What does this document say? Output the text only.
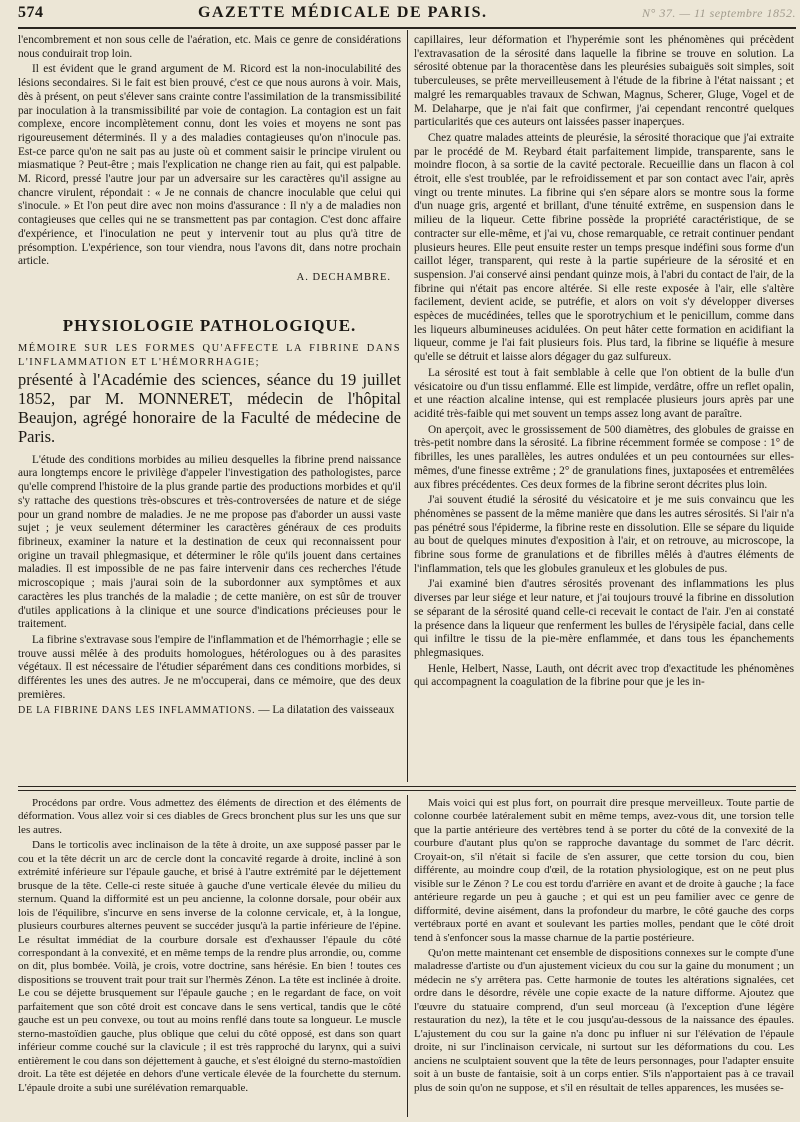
574	GAZETTE MÉDICALE DE PARIS.	N° 37. — 11 septembre 1852.

l'encombrement et non sous celle de l'aération, etc. Mais ce genre de considérations nous conduirait trop loin.

Il est évident que le grand argument de M. Ricord est la non-inoculabilité des lésions secondaires. Si le fait est bien prouvé, c'est ce que nous aurons à voir. Mais, dès à présent, on peut s'élever sans crainte contre l'assimilation de la transmissibilité par inoculation à la transmissibilité par voie de contagion. La contagion est un fait complexe, encore incomplètement connu, dont les voies et moyens ne sont pas rigoureusement déterminés. Il y a des maladies contagieuses qu'on n'inocule pas. Est-ce parce qu'on ne sait pas au juste où et comment saisir le principe virulent ou miasmatique ? Peut-être ; mais l'explication ne change rien au fait, qui est palpable. M. Ricord, pressé l'autre jour par un adversaire sur les caractères qu'il assigne au chancre virulent, répondait : « Je ne connais de chancre inoculable que celui qui s'inocule. » Et l'on peut dire avec non moins d'assurance : Il n'y a de maladies non contagieuses que celles qui ne se transmettent pas par contagion. C'est donc affaire d'expérience, et l'inoculation ne peut y intervenir tout au plus qu'à titre de présomption. L'expérience, son tour viendra, nous l'avons dit, dans notre prochain article.

A. DECHAMBRE.
PHYSIOLOGIE PATHOLOGIQUE.

MÉMOIRE SUR LES FORMES QU'AFFECTE LA FIBRINE DANS L'INFLAMMATION ET L'HÉMORRHAGIE;

présenté à l'Académie des sciences, séance du 19 juillet 1852, par M. MONNERET, médecin de l'hôpital Beaujon, agrégé honoraire de la Faculté de médecine de Paris.

L'étude des conditions morbides au milieu desquelles la fibrine prend naissance aura longtemps encore le privilège d'appeler l'investigation des pathologistes, parce qu'elle comprend l'histoire de la plus grande partie des productions morbides et qu'il s'y rattache des questions très-obscures et très-controversées de nature et de siége pour un grand nombre de maladies. Je ne me propose pas d'aborder un aussi vaste sujet ; je veux seulement déterminer les caractères généraux de ces produits fibrineux, examiner la nature et la destination de ceux qui reconnaissent pour origine un travail phlegmasique, et déterminer le rôle qu'ils jouent dans certaines maladies. Il est impossible de ne pas faire intervenir dans ces recherches l'étude microscopique ; mais j'aurai soin de la subordonner aux symptômes et aux caractères les plus tranchés de la maladie ; de cette manière, on est sûr de trouver d'utiles applications à la clinique et une source d'indications précieuses pour le traitement.

La fibrine s'extravase sous l'empire de l'inflammation et de l'hémorrhagie ; elle se trouve aussi mêlée à des produits homologues, hétérologues ou à des parasites végétaux. Il est nécessaire de l'étudier séparément dans ces conditions morbides, si différentes les unes des autres. Je ne m'occuperai, dans ce mémoire, que des deux premières.

DE LA FIBRINE DANS LES INFLAMMATIONS. — La dilatation des vaisseaux

capillaires, leur déformation et l'hyperémie sont les phénomènes qui précèdent l'extravasation de la sérosité dans laquelle la fibrine se trouve en solution. La sérosité obtenue par la thoracentèse dans les pleurésies subaiguës soit simples, soit tuberculeuses, se prête merveilleusement à l'étude de la fibrine à l'état naissant ; et malgré les remarquables travaux de Schwan, Magnus, Scherer, Gluge, Vogel et de M. Delaharpe, que je n'ai fait que confirmer, j'ai cependant rencontré quelques particularités que ces auteurs ont laissées passer inaperçues.

Chez quatre malades atteints de pleurésie, la sérosité thoracique que j'ai extraite par le procédé de M. Reybard était parfaitement limpide, transparente, sans le moindre flocon, à sa sortie de la cavité pectorale. Recueillie dans un flacon à col étroit, elle s'est troublée, par le refroidissement et par son contact avec l'air, après vingt ou trente minutes. La fibrine qui s'en sépare alors se montre sous la forme d'un nuage gris, argenté et brillant, d'une ténuité extrême, en suspension dans le milieu de la liqueur. Cette fibrine possède la propriété caractéristique, de se contracter sur elle-même, et j'ai vu, chose remarquable, ce retrait continuer pendant plusieurs heures. Elle peut ensuite rester un temps presque indéfini sous forme d'un caillot léger, transparent, qui reste à la partie supérieure de la sérosité et en suspension. J'ai conservé ainsi pendant quinze mois, à l'abri du contact de l'air, de la fibrine qui n'était pas encore altérée. Si elle reste exposée à l'air, elle s'altère facilement, devient acide, se putréfie, et alors on voit s'y développer diverses espèces de mucédinées, telles que le sporotrychium et le penicillum, comme dans les liqueurs albumineuses acidulées. On peut hâter cette formation en acidifiant la liqueur, comme je l'ai fait plusieurs fois. Plus tard, la fibrine se liquéfie à mesure qu'elle se détruit et laisse alors dégager du gaz sulfureux.

La sérosité est tout à fait semblable à celle que l'on obtient de la bulle d'un vésicatoire ou d'un tissu enflammé. Elle est limpide, verdâtre, offre un reflet opalin, et une réaction alcaline intense, qui est remplacée plusieurs jours après par une acidité très-faible qui met souvent un temps assez long avant de paraître.

On aperçoit, avec le grossissement de 500 diamètres, des globules de graisse en très-petit nombre dans la sérosité. La fibrine récemment formée se compose : 1° de fibrilles, les unes parallèles, les autres ondulées et un peu contournées sur elles-mêmes, d'une finesse extrême ; 2° de granulations fines, juxtaposées et entremêlées aux fibres précédentes. Ces deux formes de la fibrine seront décrites plus loin.

J'ai souvent étudié la sérosité du vésicatoire et je me suis convaincu que les phénomènes se passent de la même manière que dans les autres sérosités. Si l'air n'a pas pénétré sous l'épiderme, la fibrine reste en dissolution. Elle se sépare du liquide au bout de quelques minutes d'exposition à l'air, et on retrouve, au microscope, la fibrine sous forme de granulations et de fibrilles mêlés à d'autres éléments de l'inflammation, tels que les globules granuleux et les globules de pus.

J'ai examiné bien d'autres sérosités provenant des inflammations les plus diverses par leur siége et leur nature, et j'ai toujours trouvé la fibrine en dissolution se séparant de la sérosité quand celle-ci recevait le contact de l'air. J'en ai constaté la présence dans la liqueur que renferment les bulles de l'érysipèle facial, dans celle qui infiltre le tissu de la pie-mère enflammée, et dans tous les épanchements phlegmasiques.

Henle, Helbert, Nasse, Lauth, ont décrit avec trop d'exactitude les phénomènes qui accompagnent la coagulation de la fibrine pour que je les in-

Procédons par ordre. Vous admettez des éléments de direction et des éléments de déformation. Vous allez voir si ces diables de Grecs bronchent plus sur les uns que sur les autres.

Dans le torticolis avec inclinaison de la tête à droite, un axe supposé passer par le cou et la tête décrit un arc de cercle dont la concavité regarde à droite, incliné à son extrémité inférieure sur l'épaule gauche, et brisé à l'autre extrémité par le déjettement brusque de la tête. Celle-ci reste située à gauche d'une verticale élevée du milieu du sternum. Quand la difformité est un peu ancienne, la colonne dorsale, pour obéir aux lois de l'équilibre, s'incurve en sens inverse de la colonne cervicale, et, à la longue, plusieurs courbures alternes peuvent se succéder jusqu'à la partie inférieure de l'épine. Le résultat immédiat de la courbure dorsale est d'exhausser l'épaule du côté correspondant à la convexité, et en même temps de la rendre plus arrondie, ou, comme on dit, plus bombée. Voilà, je crois, votre doctrine, sans hérésie. En bien ! toutes ces dispositions se trouvent trait pour trait sur l'hermès Zénon. La tête est inclinée à droite. Le cou se déjette brusquement sur l'épaule gauche ; en le regardant de face, on voit parfaitement que son côté droit est concave dans le sens vertical, tandis que le côté gauche est un peu convexe, ou tout au moins renflé dans toute sa longueur. Le muscle sterno-mastoïdien gauche, plus oblique que celui du côté opposé, est dans son quart inférieur comme couché sur la clavicule ; il est très rapproché du larynx, qui a suivi entièrement le cou dans son déjettement à gauche, et s'est éloigné du sterno-mastoïdien droit. La tête est déjetée en dehors d'une verticale élevée de la fourchette du sternum. L'épaule droite a subi une surélévation remarquable.

Mais voici qui est plus fort, on pourrait dire presque merveilleux. Toute partie de colonne courbée latéralement subit en même temps, avez-vous dit, une torsion telle que la partie antérieure des vertèbres tend à se porter du côté de la convexité de la courbure d'autant plus qu'on se rapproche davantage du sommet de l'arc décrit. Croyait-on, s'il n'était si facile de s'en assurer, que cette torsion du cou, bien différente, au moindre coup d'œil, de la rotation physiologique, est on ne peut plus visible sur le Zénon ? Le cou est tordu d'arrière en avant et de droite à gauche ; la face antérieure regarde un peu à gauche ; et qui est un peu familier avec ce genre de difformité, devine aisément, dans la profondeur du marbre, le côté gauche des corps vertébraux porté en avant et soulevant les parties molles, pendant que le côté droit tend à s'enfoncer sous la masse charnue de la partie postérieure.

Qu'on mette maintenant cet ensemble de dispositions connexes sur le compte d'une maladresse d'artiste ou d'un ajustement vicieux du cou sur la gaine du monument ; un médecin ne s'y arrêtera pas. Cette harmonie de toutes les altérations signalées, cet ordre dans le désordre, révèle une copie exacte de la nature difforme. Ajoutez que l'œuvre du statuaire comprend, d'un seul morceau (à l'exception d'une légère restauration du nez), la tête et le cou jusqu'au-dessous de la naissance des épaules. L'ajustement du cou sur la gaine n'a donc pu influer ni sur l'élévation de l'épaule droite, ni sur l'inclinaison cervicale, ni surtout sur les déformations du cou. Les anciens ne sculptaient souvent que la tête de leurs personnages, pour l'adapter ensuite soit à un buste de fantaisie, soit à un corps entier. S'ils n'apportaient pas à ce travail plus de soin qu'on ne suppose, et s'il en résultait de telles apparences, les musées se-
